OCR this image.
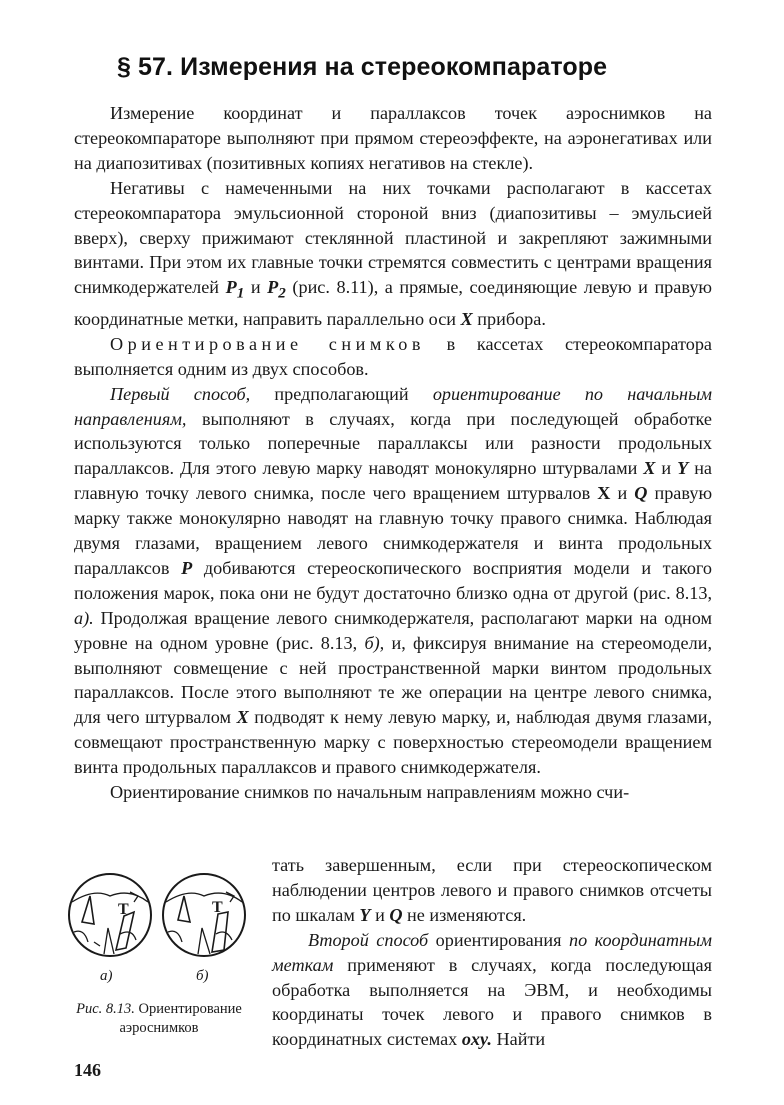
§ 57. Измерения на стереокомпараторе

Измерение координат и параллаксов точек аэроснимков на стереокомпараторе выполняют при прямом стереоэффекте, на аэронегативах или на диапозитивах (позитивных копиях негативов на стекле).

Негативы с намеченными на них точками располагают в кассетах стереокомпаратора эмульсионной стороной вниз (диапозитивы – эмульсией вверх), сверху прижимают стеклянной пластиной и закрепляют зажимными винтами. При этом их главные точки стремятся совместить с центрами вращения снимкодержателей $P_1$ и $P_2$ (рис. 8.11), а прямые, соединяющие левую и правую координатные метки, направить параллельно оси X прибора.

Ориентирование снимков в кассетах стереокомпаратора выполняется одним из двух способов.

Первый способ, предполагающий ориентирование по начальным направлениям, выполняют в случаях, когда при последующей обработке используются только поперечные параллаксы или разности продольных параллаксов. Для этого левую марку наводят монокулярно штурвалами X и Y на главную точку левого снимка, после чего вращением штурвалов X и Q правую марку также монокулярно наводят на главную точку правого снимка. Наблюдая двумя глазами, вращением левого снимкодержателя и винта продольных параллаксов P добиваются стереоскопического восприятия модели и такого положения марок, пока они не будут достаточно близко одна от другой (рис. 8.13, а). Продолжая вращение левого снимкодержателя, располагают марки на одном уровне на одном уровне (рис. 8.13, б), и, фиксируя внимание на стереомодели, выполняют совмещение с ней пространственной марки винтом продольных параллаксов. После этого выполняют те же операции на центре левого снимка, для чего штурвалом X подводят к нему левую марку, и, наблюдая двумя глазами, совмещают пространственную марку с поверхностью стереомодели вращением винта продольных параллаксов и правого снимкодержателя.

Ориентирование снимков по начальным направлениям можно счи-

T	T
а)	б)
Рис. 8.13. Ориентирование аэроснимков

тать завершенным, если при стереоскопическом наблюдении центров левого и правого снимков отсчеты по шкалам Y и Q не изменяются.

Второй способ ориентирования по координатным меткам применяют в случаях, когда последующая обработка выполняется на ЭВМ, и необходимы координаты точек левого и правого снимков в координатных системах oxy. Найти

146
